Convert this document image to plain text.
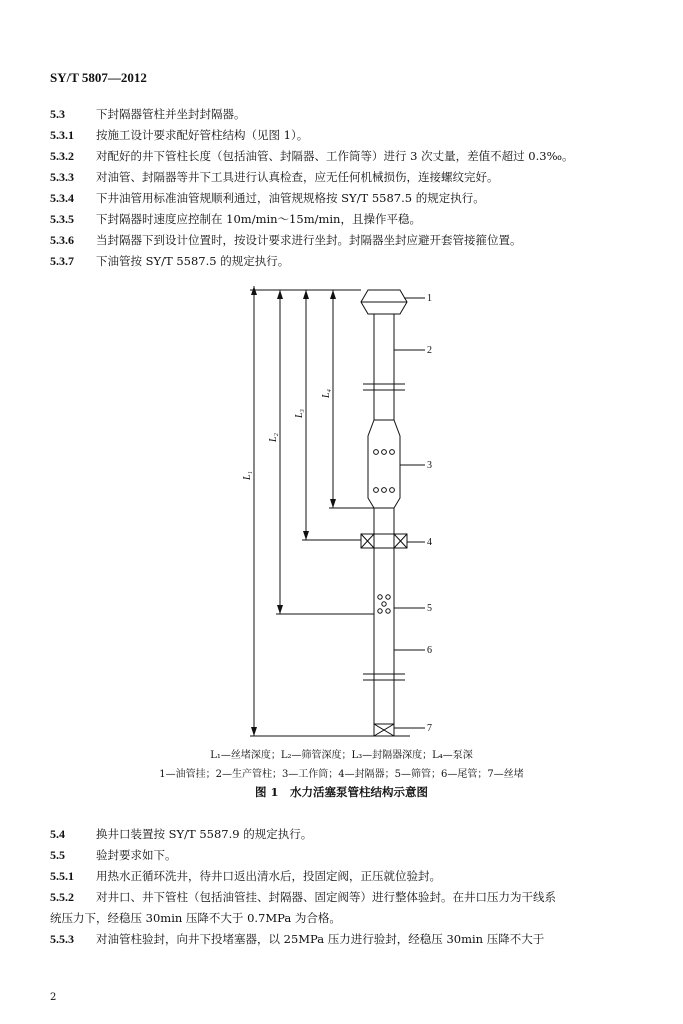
SY/T 5807—2012
5.3	下封隔器管柱并坐封封隔器。
5.3.1 按施工设计要求配好管柱结构（见图 1）。
5.3.2 对配好的井下管柱长度（包括油管、封隔器、工作筒等）进行 3 次丈量，差值不超过 0.3‰。
5.3.3 对油管、封隔器等井下工具进行认真检查，应无任何机械损伤，连接螺纹完好。
5.3.4 下井油管用标准油管规顺利通过，油管规规格按 SY/T 5587.5 的规定执行。
5.3.5 下封隔器时速度应控制在 10m/min～15m/min，且操作平稳。
5.3.6 当封隔器下到设计位置时，按设计要求进行坐封。封隔器坐封应避开套管接箍位置。
5.3.7 下油管按 SY/T 5587.5 的规定执行。
L₁
L₂
L₃
L₄
1
2
3
4
5
6
7
L₁—丝堵深度；L₂—筛管深度；L₃—封隔器深度；L₄—泵深
1—油管挂；2—生产管柱；3—工作筒；4—封隔器；5—筛管；6—尾管；7—丝堵
图 1　水力活塞泵管柱结构示意图
5.4	换井口装置按 SY/T 5587.9 的规定执行。
5.5	验封要求如下。
5.5.1 用热水正循环洗井，待井口返出清水后，投固定阀，正压就位验封。
5.5.2 对井口、井下管柱（包括油管挂、封隔器、固定阀等）进行整体验封。在井口压力为干线系
统压力下，经稳压 30min 压降不大于 0.7MPa 为合格。
5.5.3 对油管柱验封，向井下投堵塞器，以 25MPa 压力进行验封，经稳压 30min 压降不大于
2
